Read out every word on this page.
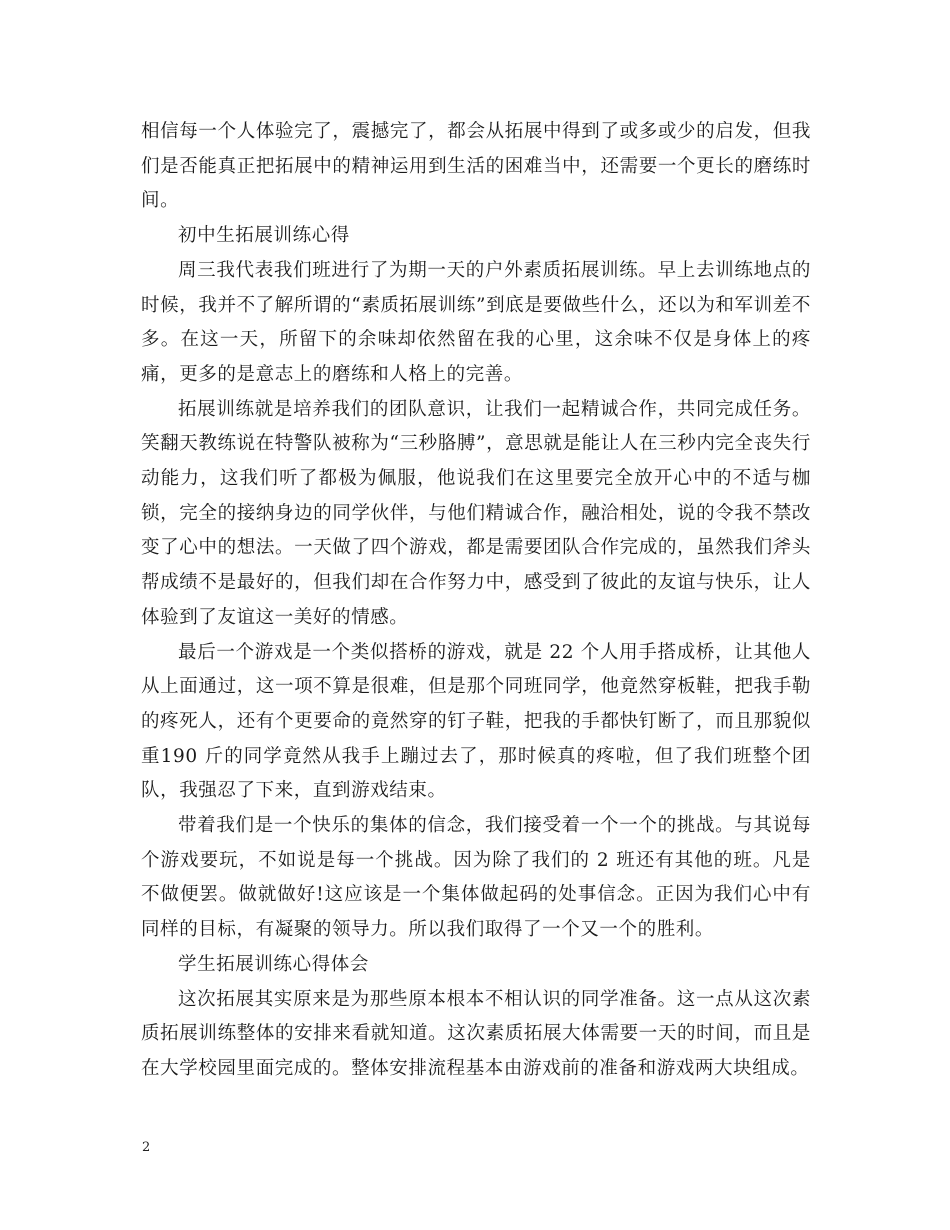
相信每一个人体验完了，震撼完了，都会从拓展中得到了或多或少的启发，但我们是否能真正把拓展中的精神运用到生活的困难当中，还需要一个更长的磨练时间。

初中生拓展训练心得

周三我代表我们班进行了为期一天的户外素质拓展训练。早上去训练地点的时候，我并不了解所谓的“素质拓展训练”到底是要做些什么，还以为和军训差不多。在这一天，所留下的余味却依然留在我的心里，这余味不仅是身体上的疼痛，更多的是意志上的磨练和人格上的完善。

拓展训练就是培养我们的团队意识，让我们一起精诚合作，共同完成任务。笑翻天教练说在特警队被称为“三秒胳膊”，意思就是能让人在三秒内完全丧失行动能力，这我们听了都极为佩服，他说我们在这里要完全放开心中的不适与枷锁，完全的接纳身边的同学伙伴，与他们精诚合作，融洽相处，说的令我不禁改变了心中的想法。一天做了四个游戏，都是需要团队合作完成的，虽然我们斧头帮成绩不是最好的，但我们却在合作努力中，感受到了彼此的友谊与快乐，让人体验到了友谊这一美好的情感。

最后一个游戏是一个类似搭桥的游戏，就是 22 个人用手搭成桥，让其他人从上面通过，这一项不算是很难，但是那个同班同学，他竟然穿板鞋，把我手勒的疼死人，还有个更要命的竟然穿的钉子鞋，把我的手都快钉断了，而且那貌似重190 斤的同学竟然从我手上蹦过去了，那时候真的疼啦，但了我们班整个团队，我强忍了下来，直到游戏结束。

带着我们是一个快乐的集体的信念，我们接受着一个一个的挑战。与其说每个游戏要玩，不如说是每一个挑战。因为除了我们的 2 班还有其他的班。凡是不做便罢。做就做好!这应该是一个集体做起码的处事信念。正因为我们心中有同样的目标，有凝聚的领导力。所以我们取得了一个又一个的胜利。

学生拓展训练心得体会

这次拓展其实原来是为那些原本根本不相认识的同学准备。这一点从这次素质拓展训练整体的安排来看就知道。这次素质拓展大体需要一天的时间，而且是在大学校园里面完成的。整体安排流程基本由游戏前的准备和游戏两大块组成。

2
